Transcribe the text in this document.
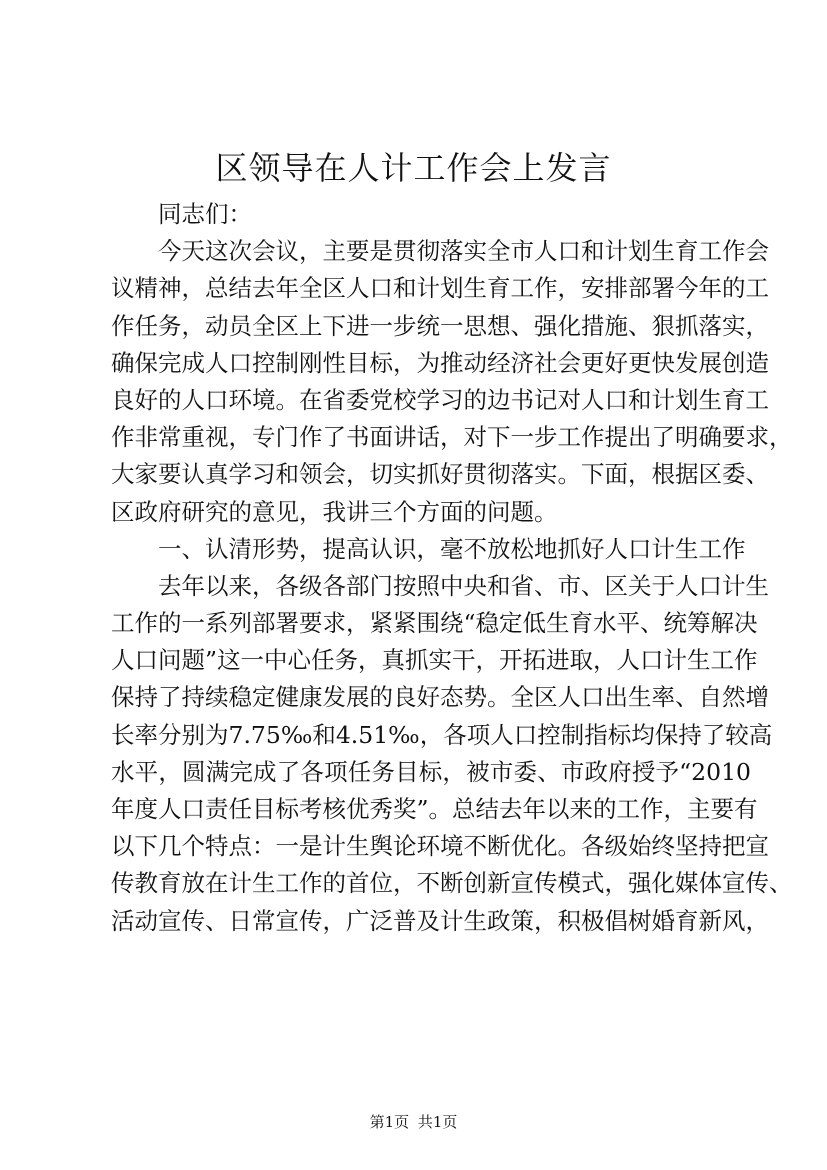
区领导在人计工作会上发言
同志们：
今天这次会议，主要是贯彻落实全市人口和计划生育工作会
议精神，总结去年全区人口和计划生育工作，安排部署今年的工
作任务，动员全区上下进一步统一思想、强化措施、狠抓落实，
确保完成人口控制刚性目标，为推动经济社会更好更快发展创造
良好的人口环境。在省委党校学习的边书记对人口和计划生育工
作非常重视，专门作了书面讲话，对下一步工作提出了明确要求，
大家要认真学习和领会，切实抓好贯彻落实。下面，根据区委、
区政府研究的意见，我讲三个方面的问题。
一、认清形势，提高认识，毫不放松地抓好人口计生工作
去年以来，各级各部门按照中央和省、市、区关于人口计生
工作的一系列部署要求，紧紧围绕“稳定低生育水平、统筹解决
人口问题”这一中心任务，真抓实干，开拓进取，人口计生工作
保持了持续稳定健康发展的良好态势。全区人口出生率、自然增
长率分别为7.75‰和4.51‰，各项人口控制指标均保持了较高
水平，圆满完成了各项任务目标，被市委、市政府授予“2010
年度人口责任目标考核优秀奖”。总结去年以来的工作，主要有
以下几个特点：一是计生舆论环境不断优化。各级始终坚持把宣
传教育放在计生工作的首位，不断创新宣传模式，强化媒体宣传、
活动宣传、日常宣传，广泛普及计生政策，积极倡树婚育新风，
第1页 共1页
